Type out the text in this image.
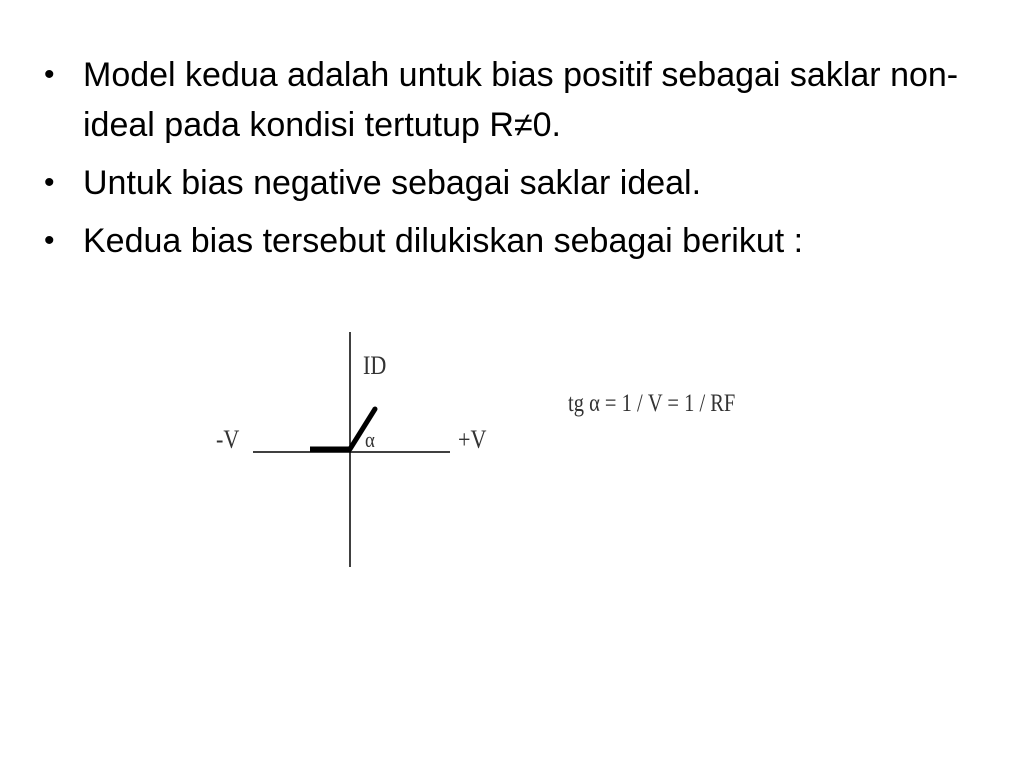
• Model kedua adalah untuk bias positif sebagai saklar non-ideal pada kondisi tertutup R≠0.
• Untuk bias negative sebagai saklar ideal.
• Kedua bias tersebut dilukiskan sebagai berikut :
ID
-V	+V
α
tg α = 1 / V = 1 / RF
